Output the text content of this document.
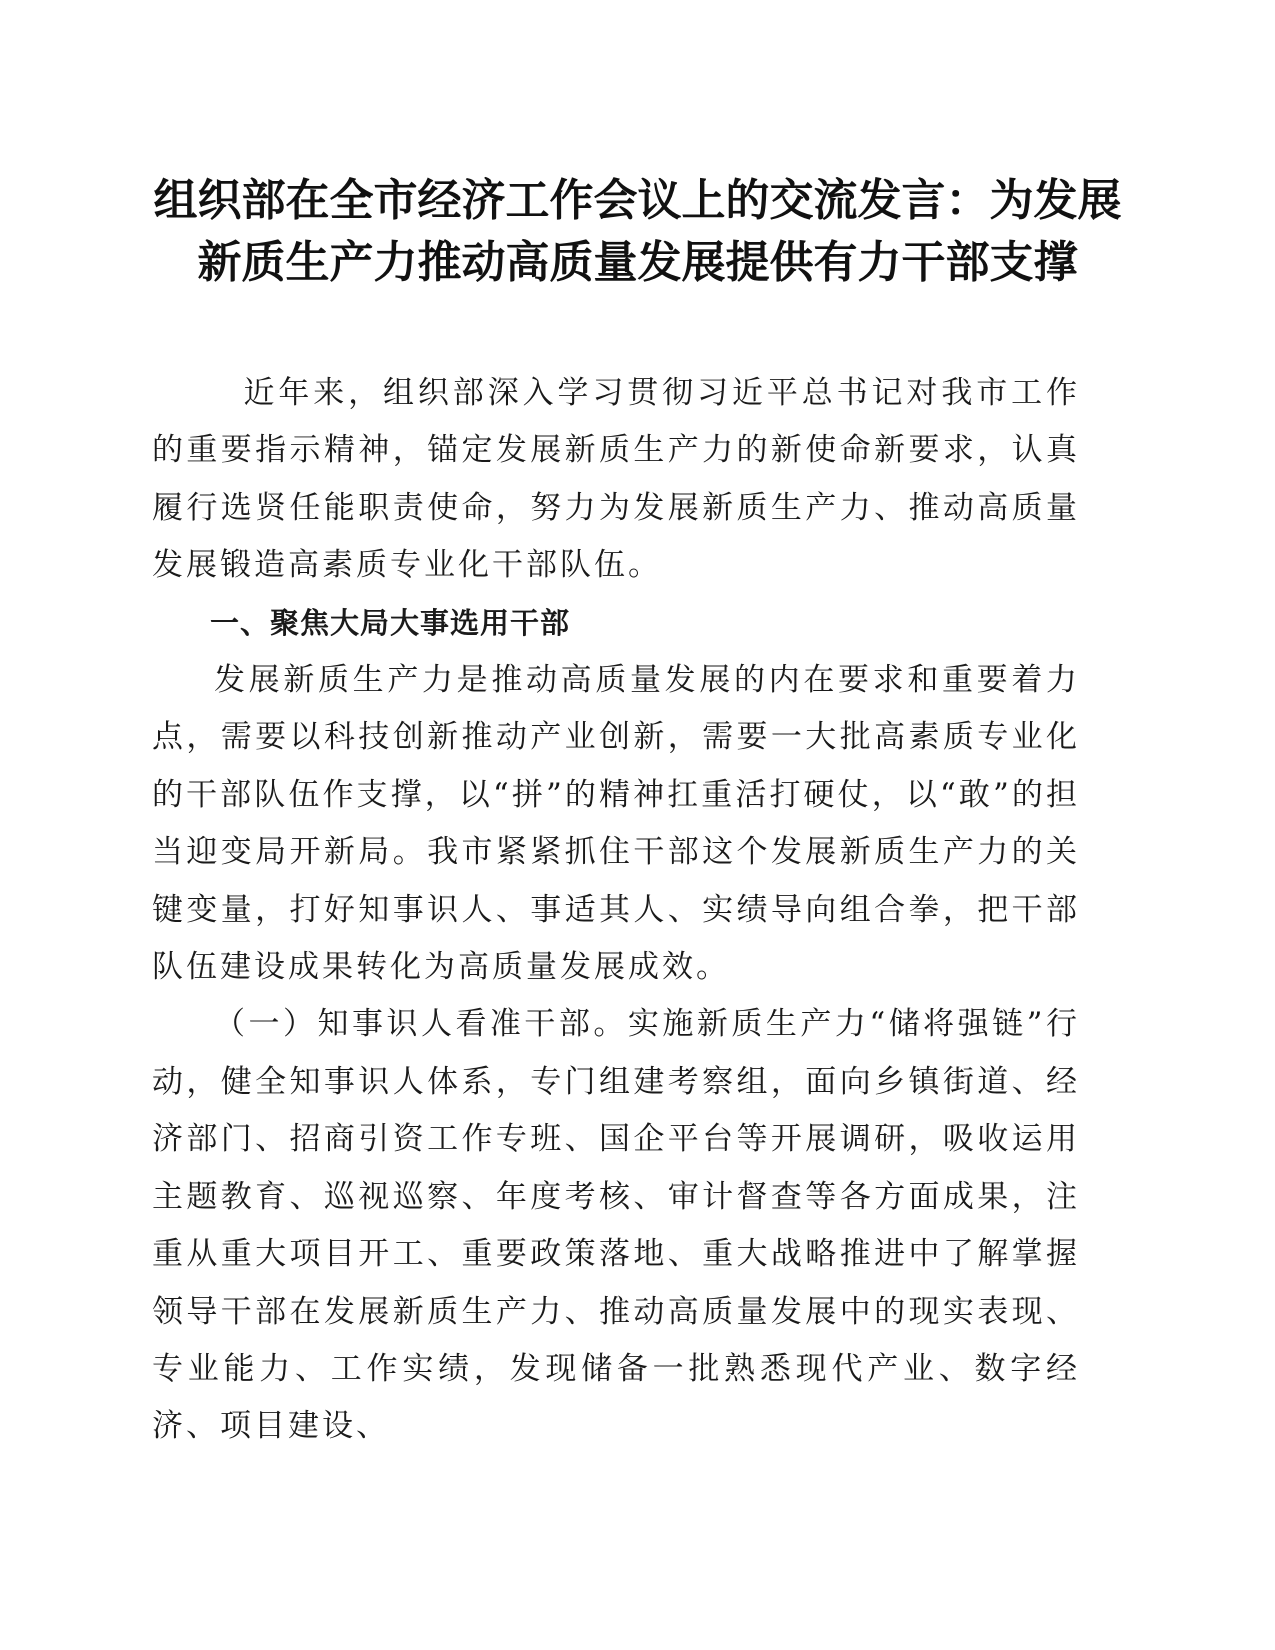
组织部在全市经济工作会议上的交流发言：为发展新质生产力推动高质量发展提供有力干部支撑

近年来，组织部深入学习贯彻习近平总书记对我市工作的重要指示精神，锚定发展新质生产力的新使命新要求，认真履行选贤任能职责使命，努力为发展新质生产力、推动高质量发展锻造高素质专业化干部队伍。

一、聚焦大局大事选用干部

发展新质生产力是推动高质量发展的内在要求和重要着力点，需要以科技创新推动产业创新，需要一大批高素质专业化的干部队伍作支撑，以“拼”的精神扛重活打硬仗，以“敢”的担当迎变局开新局。我市紧紧抓住干部这个发展新质生产力的关键变量，打好知事识人、事适其人、实绩导向组合拳，把干部队伍建设成果转化为高质量发展成效。

（一）知事识人看准干部。实施新质生产力“储将强链”行动，健全知事识人体系，专门组建考察组，面向乡镇街道、经济部门、招商引资工作专班、国企平台等开展调研，吸收运用主题教育、巡视巡察、年度考核、审计督查等各方面成果，注重从重大项目开工、重要政策落地、重大战略推进中了解掌握领导干部在发展新质生产力、推动高质量发展中的现实表现、专业能力、工作实绩，发现储备一批熟悉现代产业、数字经济、项目建设、
